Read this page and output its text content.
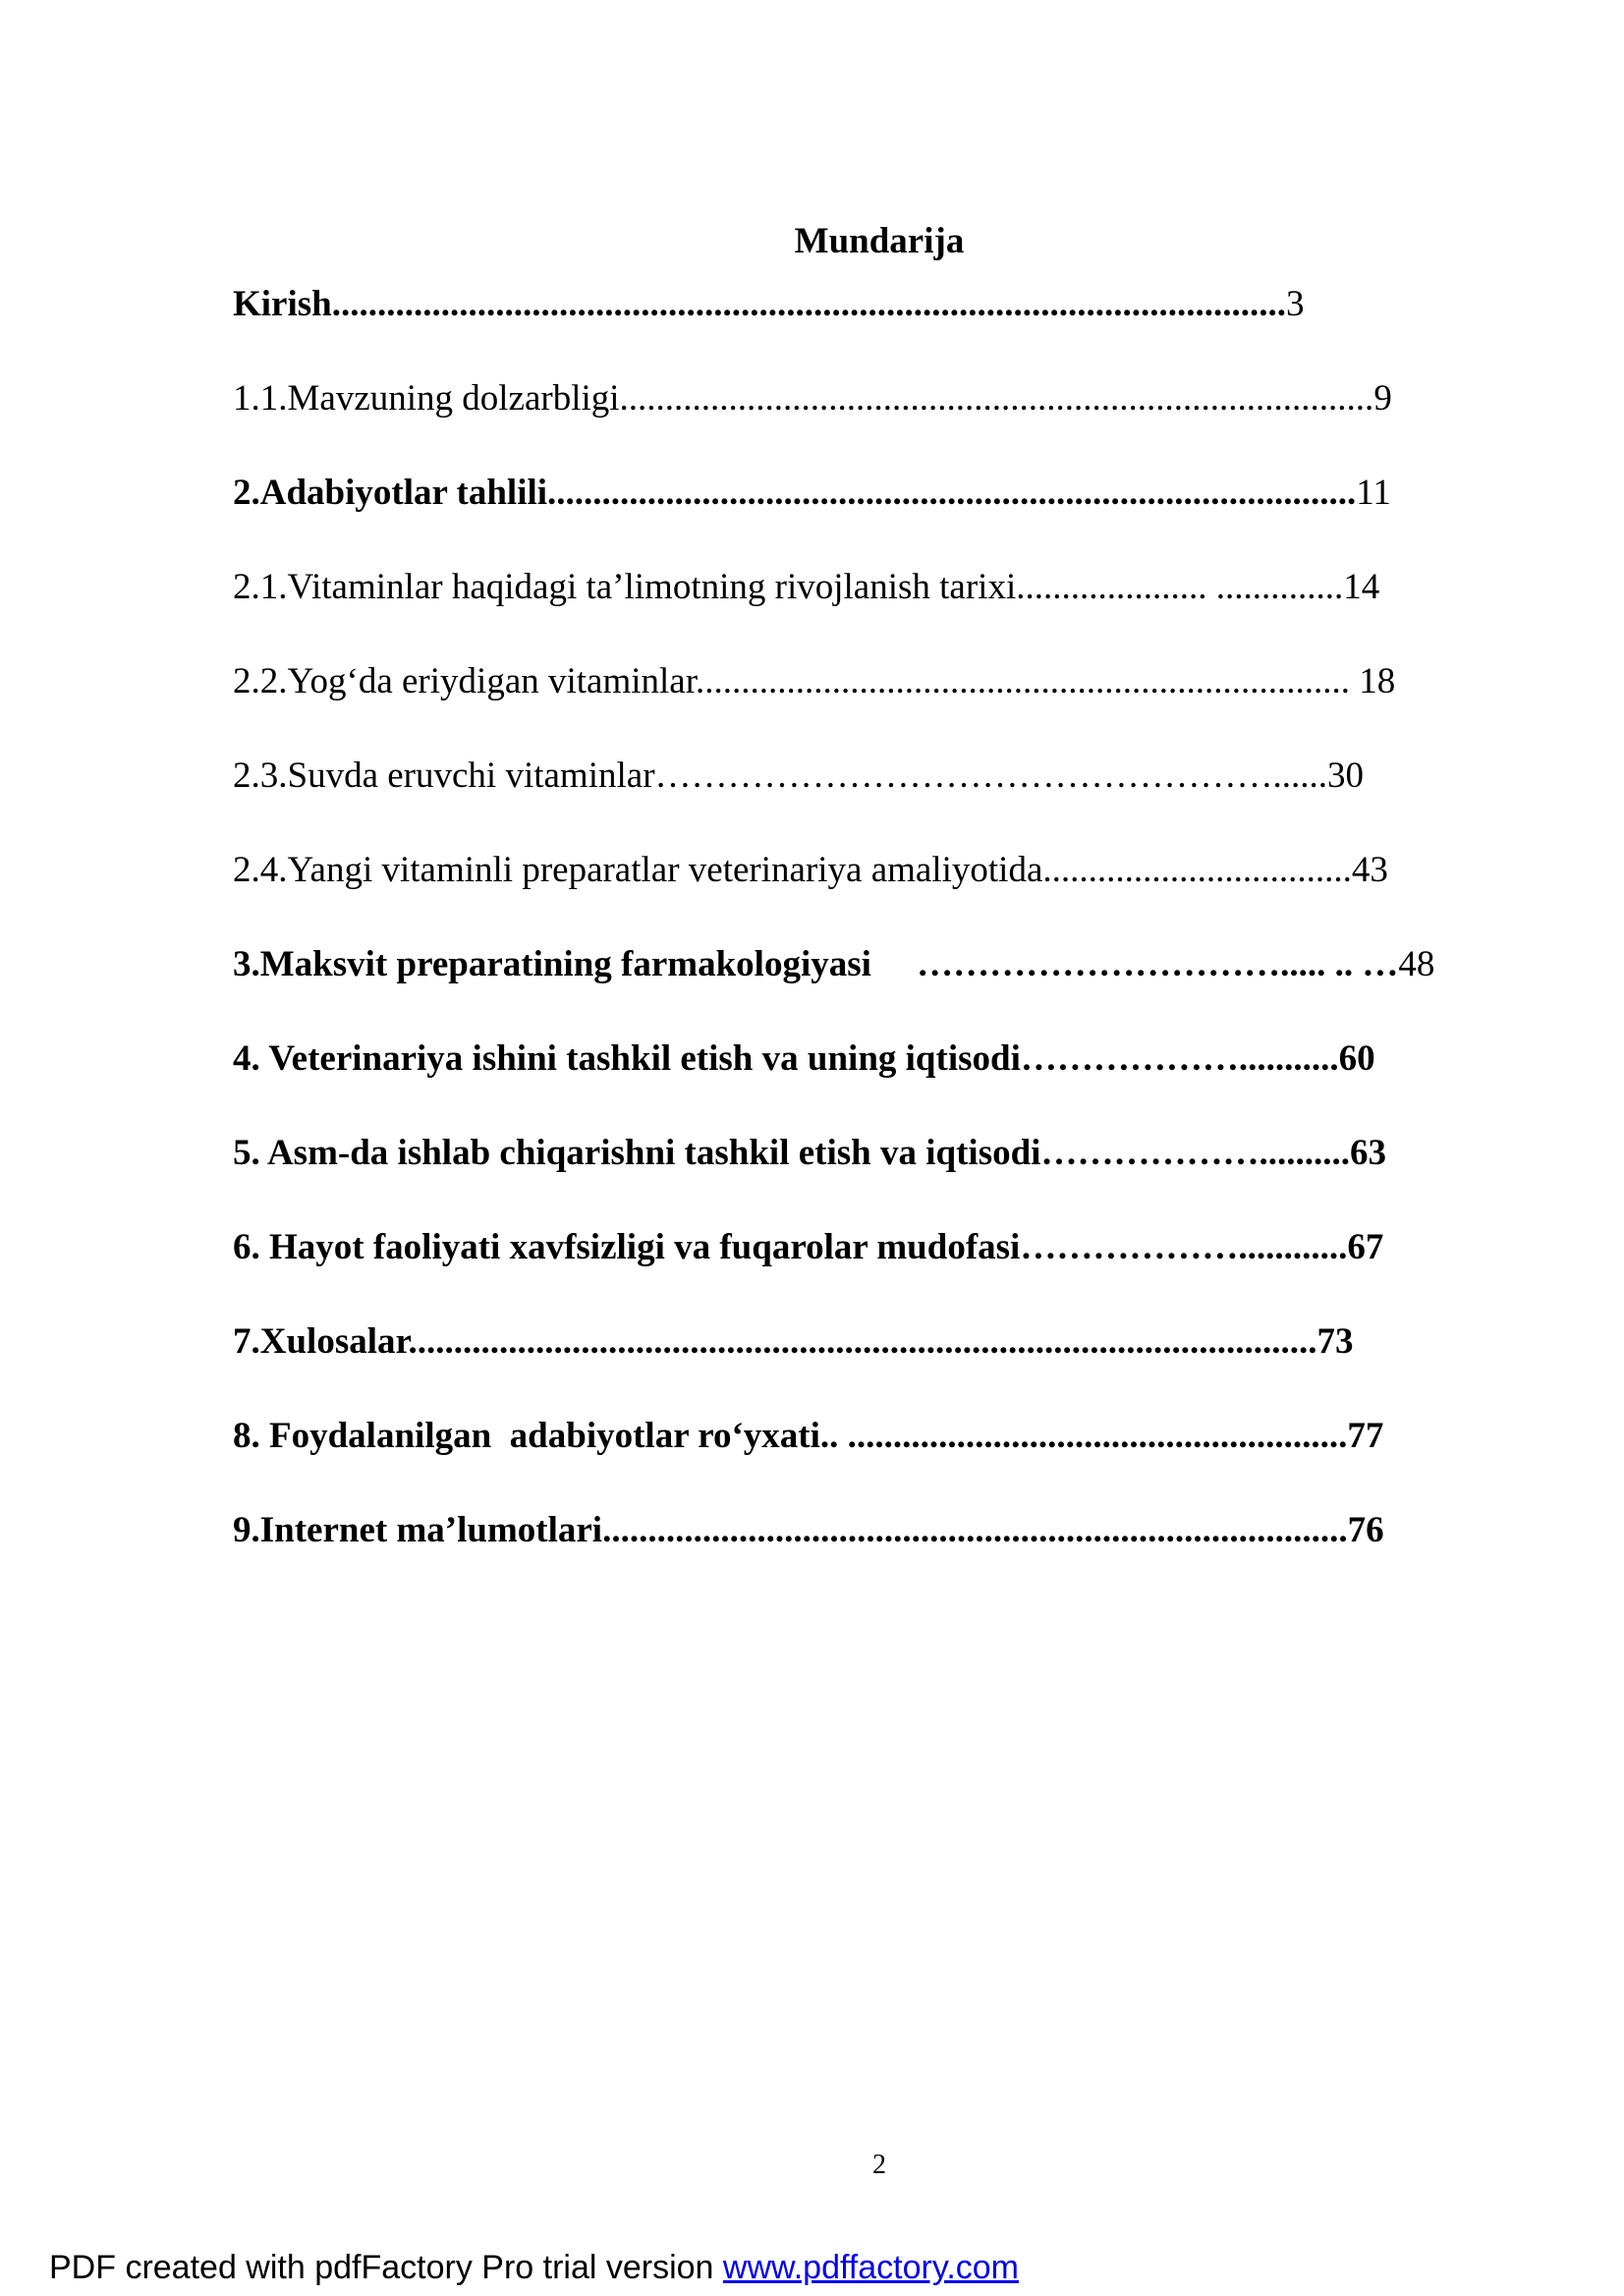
Mundarija
Kirish.........................................................................................................3
1.1.Mavzuning dolzarbligi...................................................................................9
2.Adabiyotlar tahlili.........................................................................................11
2.1.Vitaminlar haqidagi ta’limotning rivojlanish tarixi..................... ..............14
2.2.Yog‘da eriydigan vitaminlar........................................................................ 18
2.3.Suvda eruvchi vitaminlar……………………………………………......30
2.4.Yangi vitaminli preparatlar veterinariya amaliyotida..................................43
3.Maksvit preparatining farmakologiyasi     …………………………..... .. …48
4. Veterinariya ishini tashkil etish va uning iqtisodi………………...........60
5. Asm-da ishlab chiqarishni tashkil etish va iqtisodi………………..........63
6. Hayot faoliyati xavfsizligi va fuqarolar mudofasi………………............67
7.Xulosalar....................................................................................................73
8. Foydalanilgan  adabiyotlar ro‘yxati.. .......................................................77
9.Internet ma’lumotlari..................................................................................76
2
PDF created with pdfFactory Pro trial version www.pdffactory.com
